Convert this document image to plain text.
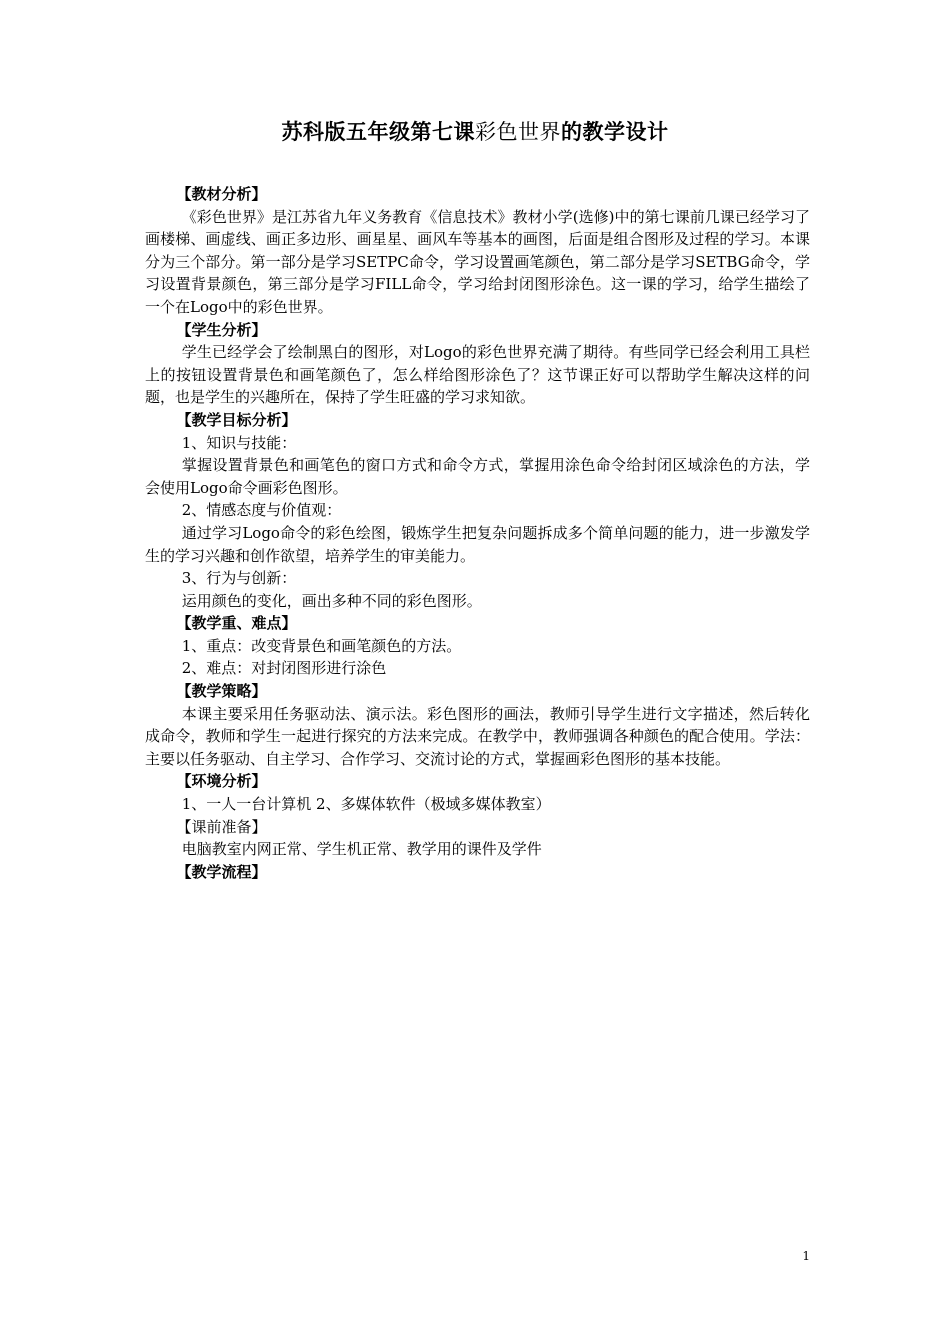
苏科版五年级第七课彩色世界的教学设计
【教材分析】
《彩色世界》是江苏省九年义务教育《信息技术》教材小学(选修)中的第七课前几课已经学习了画楼梯、画虚线、画正多边形、画星星、画风车等基本的画图，后面是组合图形及过程的学习。本课分为三个部分。第一部分是学习SETPC命令，学习设置画笔颜色，第二部分是学习SETBG命令，学习设置背景颜色，第三部分是学习FILL命令，学习给封闭图形涂色。这一课的学习，给学生描绘了一个在Logo中的彩色世界。
【学生分析】
学生已经学会了绘制黑白的图形，对Logo的彩色世界充满了期待。有些同学已经会利用工具栏上的按钮设置背景色和画笔颜色了，怎么样给图形涂色了？这节课正好可以帮助学生解决这样的问题，也是学生的兴趣所在，保持了学生旺盛的学习求知欲。
【教学目标分析】
1、知识与技能：
掌握设置背景色和画笔色的窗口方式和命令方式，掌握用涂色命令给封闭区域涂色的方法，学会使用Logo命令画彩色图形。
2、情感态度与价值观：
通过学习Logo命令的彩色绘图，锻炼学生把复杂问题拆成多个简单问题的能力，进一步激发学生的学习兴趣和创作欲望，培养学生的审美能力。
3、行为与创新：
运用颜色的变化，画出多种不同的彩色图形。
【教学重、难点】
1、重点：改变背景色和画笔颜色的方法。
2、难点：对封闭图形进行涂色
【教学策略】
本课主要采用任务驱动法、演示法。彩色图形的画法，教师引导学生进行文字描述，然后转化成命令，教师和学生一起进行探究的方法来完成。在教学中，教师强调各种颜色的配合使用。学法：主要以任务驱动、自主学习、合作学习、交流讨论的方式，掌握画彩色图形的基本技能。
【环境分析】
1、一人一台计算机 2、多媒体软件（极域多媒体教室）
【课前准备】
电脑教室内网正常、学生机正常、教学用的课件及学件
【教学流程】
1
